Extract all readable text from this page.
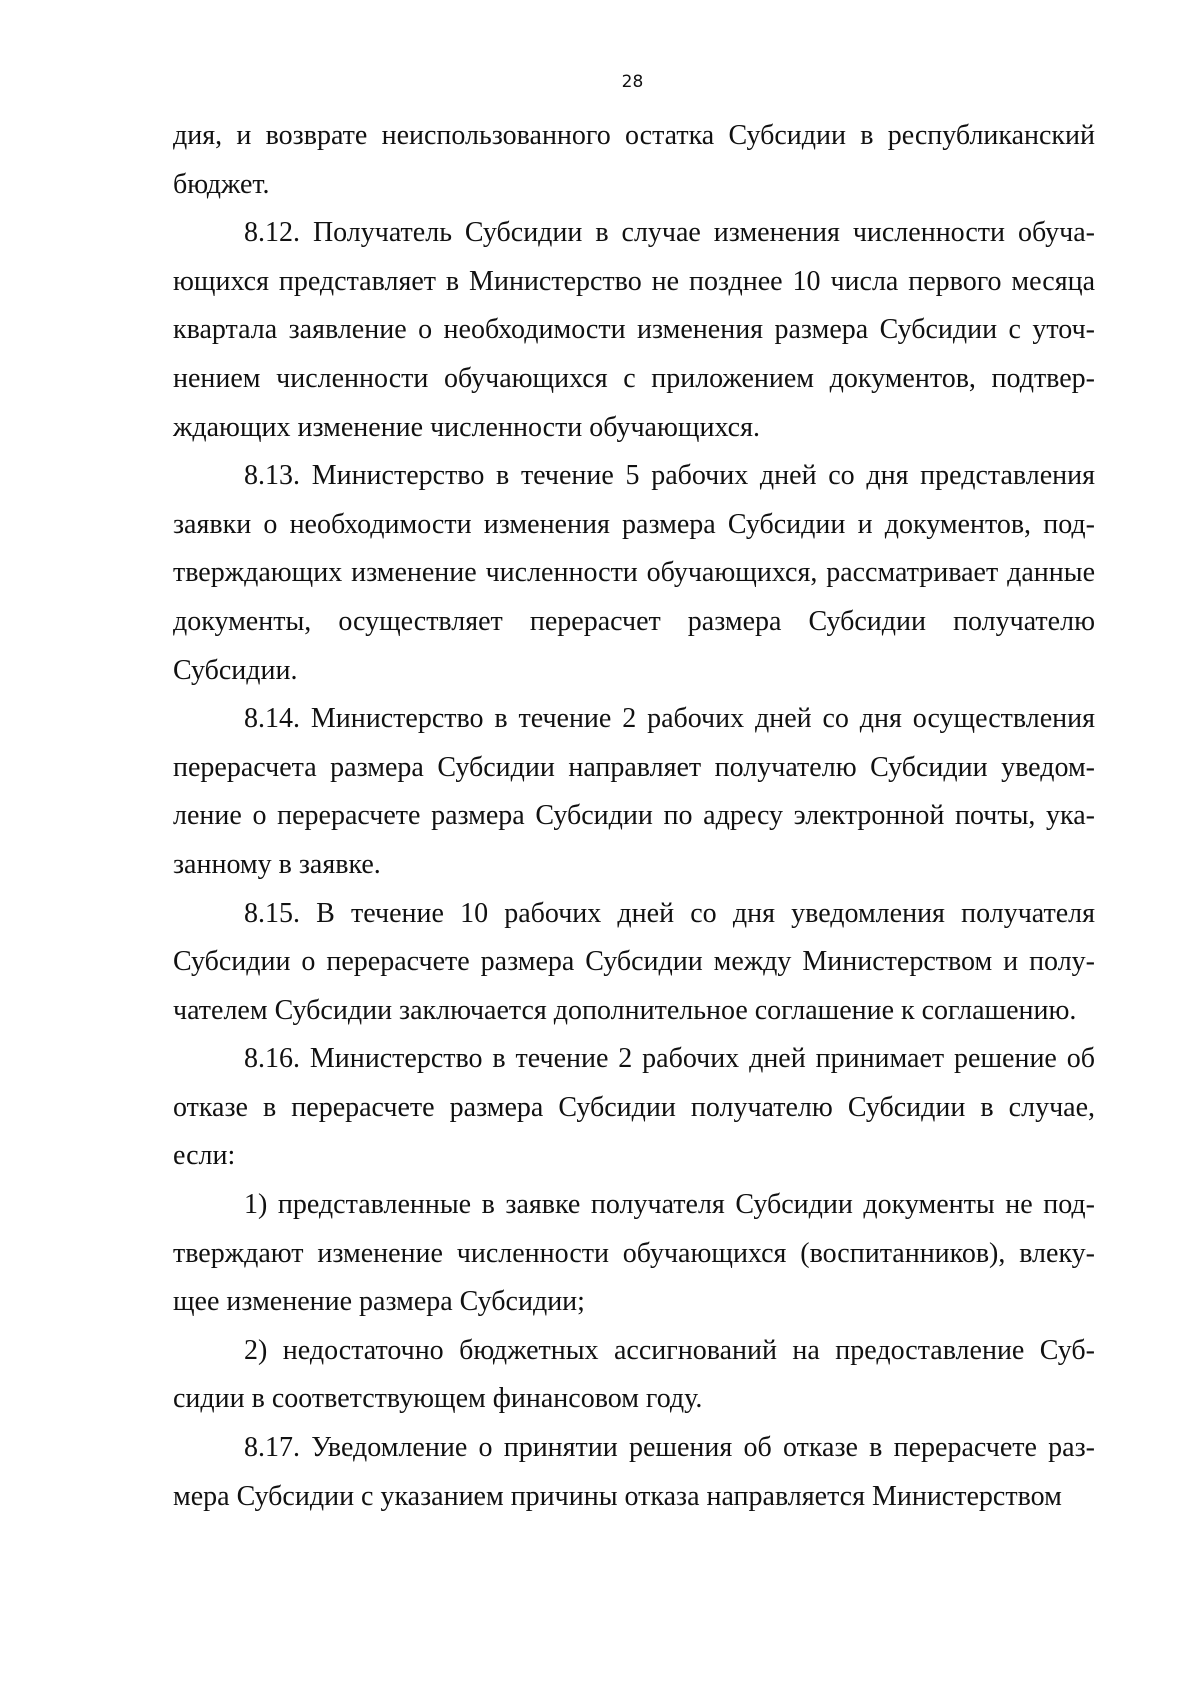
28

дия, и возврате неиспользованного остатка Субсидии в республиканский бюджет.

8.12. Получатель Субсидии в случае изменения численности обучающихся представляет в Министерство не позднее 10 числа первого месяца квартала заявление о необходимости изменения размера Субсидии с уточнением численности обучающихся с приложением документов, подтверждающих изменение численности обучающихся.

8.13. Министерство в течение 5 рабочих дней со дня представления заявки о необходимости изменения размера Субсидии и документов, подтверждающих изменение численности обучающихся, рассматривает данные документы, осуществляет перерасчет размера Субсидии получателю Субсидии.

8.14. Министерство в течение 2 рабочих дней со дня осуществления перерасчета размера Субсидии направляет получателю Субсидии уведомление о перерасчете размера Субсидии по адресу электронной почты, указанному в заявке.

8.15. В течение 10 рабочих дней со дня уведомления получателя Субсидии о перерасчете размера Субсидии между Министерством и получателем Субсидии заключается дополнительное соглашение к соглашению.

8.16. Министерство в течение 2 рабочих дней принимает решение об отказе в перерасчете размера Субсидии получателю Субсидии в случае, если:

1) представленные в заявке получателя Субсидии документы не подтверждают изменение численности обучающихся (воспитанников), влекущее изменение размера Субсидии;

2) недостаточно бюджетных ассигнований на предоставление Субсидии в соответствующем финансовом году.

8.17. Уведомление о принятии решения об отказе в перерасчете размера Субсидии с указанием причины отказа направляется Министерством
